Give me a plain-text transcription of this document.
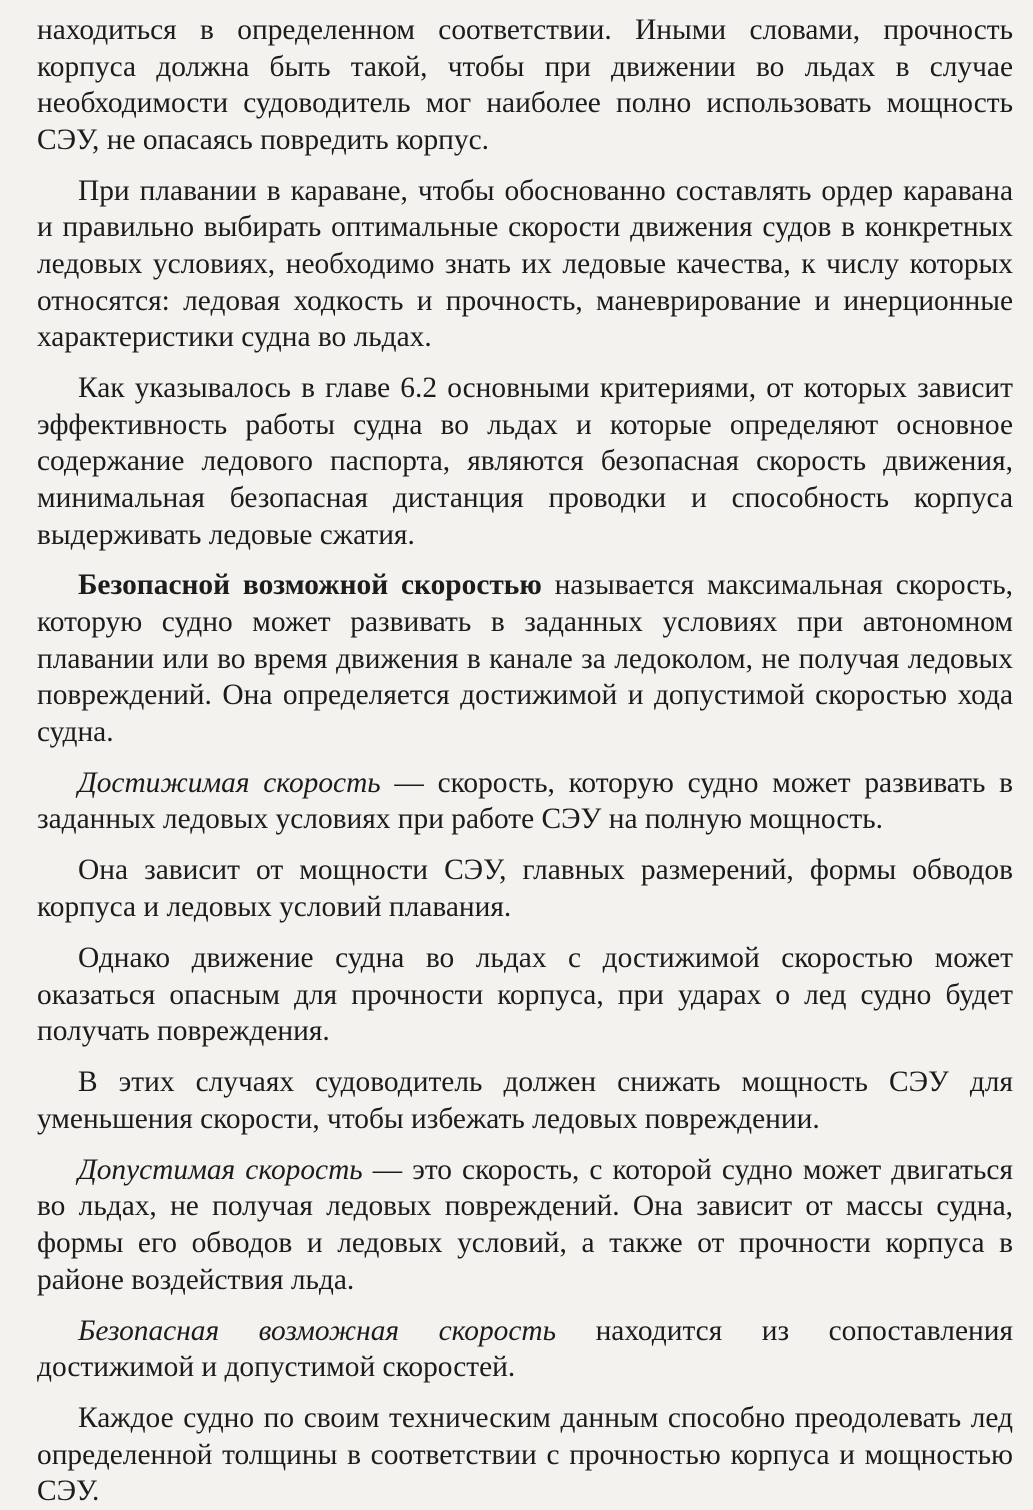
находиться в определенном соответствии. Иными словами, прочность корпуса должна быть такой, чтобы при движении во льдах в случае необходимости судоводитель мог наиболее полно использовать мощность СЭУ, не опасаясь повредить корпус.

При плавании в караване, чтобы обоснованно составлять ордер каравана и правильно выбирать оптимальные скорости движения судов в конкретных ледовых условиях, необходимо знать их ледовые качества, к числу которых относятся: ледовая ходкость и прочность, маневрирование и инерционные характеристики судна во льдах.

Как указывалось в главе 6.2 основными критериями, от которых зависит эффективность работы судна во льдах и которые определяют основное содержание ледового паспорта, являются безопасная скорость движения, минимальная безопасная дистанция проводки и способность корпуса выдерживать ледовые сжатия.

Безопасной возможной скоростью называется максимальная скорость, которую судно может развивать в заданных условиях при автономном плавании или во время движения в канале за ледоколом, не получая ледовых повреждений. Она определяется достижимой и допустимой скоростью хода судна.

Достижимая скорость — скорость, которую судно может развивать в заданных ледовых условиях при работе СЭУ на полную мощность.

Она зависит от мощности СЭУ, главных размерений, формы обводов корпуса и ледовых условий плавания.

Однако движение судна во льдах с достижимой скоростью может оказаться опасным для прочности корпуса, при ударах о лед судно будет получать повреждения.

В этих случаях судоводитель должен снижать мощность СЭУ для уменьшения скорости, чтобы избежать ледовых повреждении.

Допустимая скорость — это скорость, с которой судно может двигаться во льдах, не получая ледовых повреждений. Она зависит от массы судна, формы его обводов и ледовых условий, а также от прочности корпуса в районе воздействия льда.

Безопасная возможная скорость находится из сопоставления достижимой и допустимой скоростей.

Каждое судно по своим техническим данным способно преодолевать лед определенной толщины в соответствии с прочностью корпуса и мощностью СЭУ.
